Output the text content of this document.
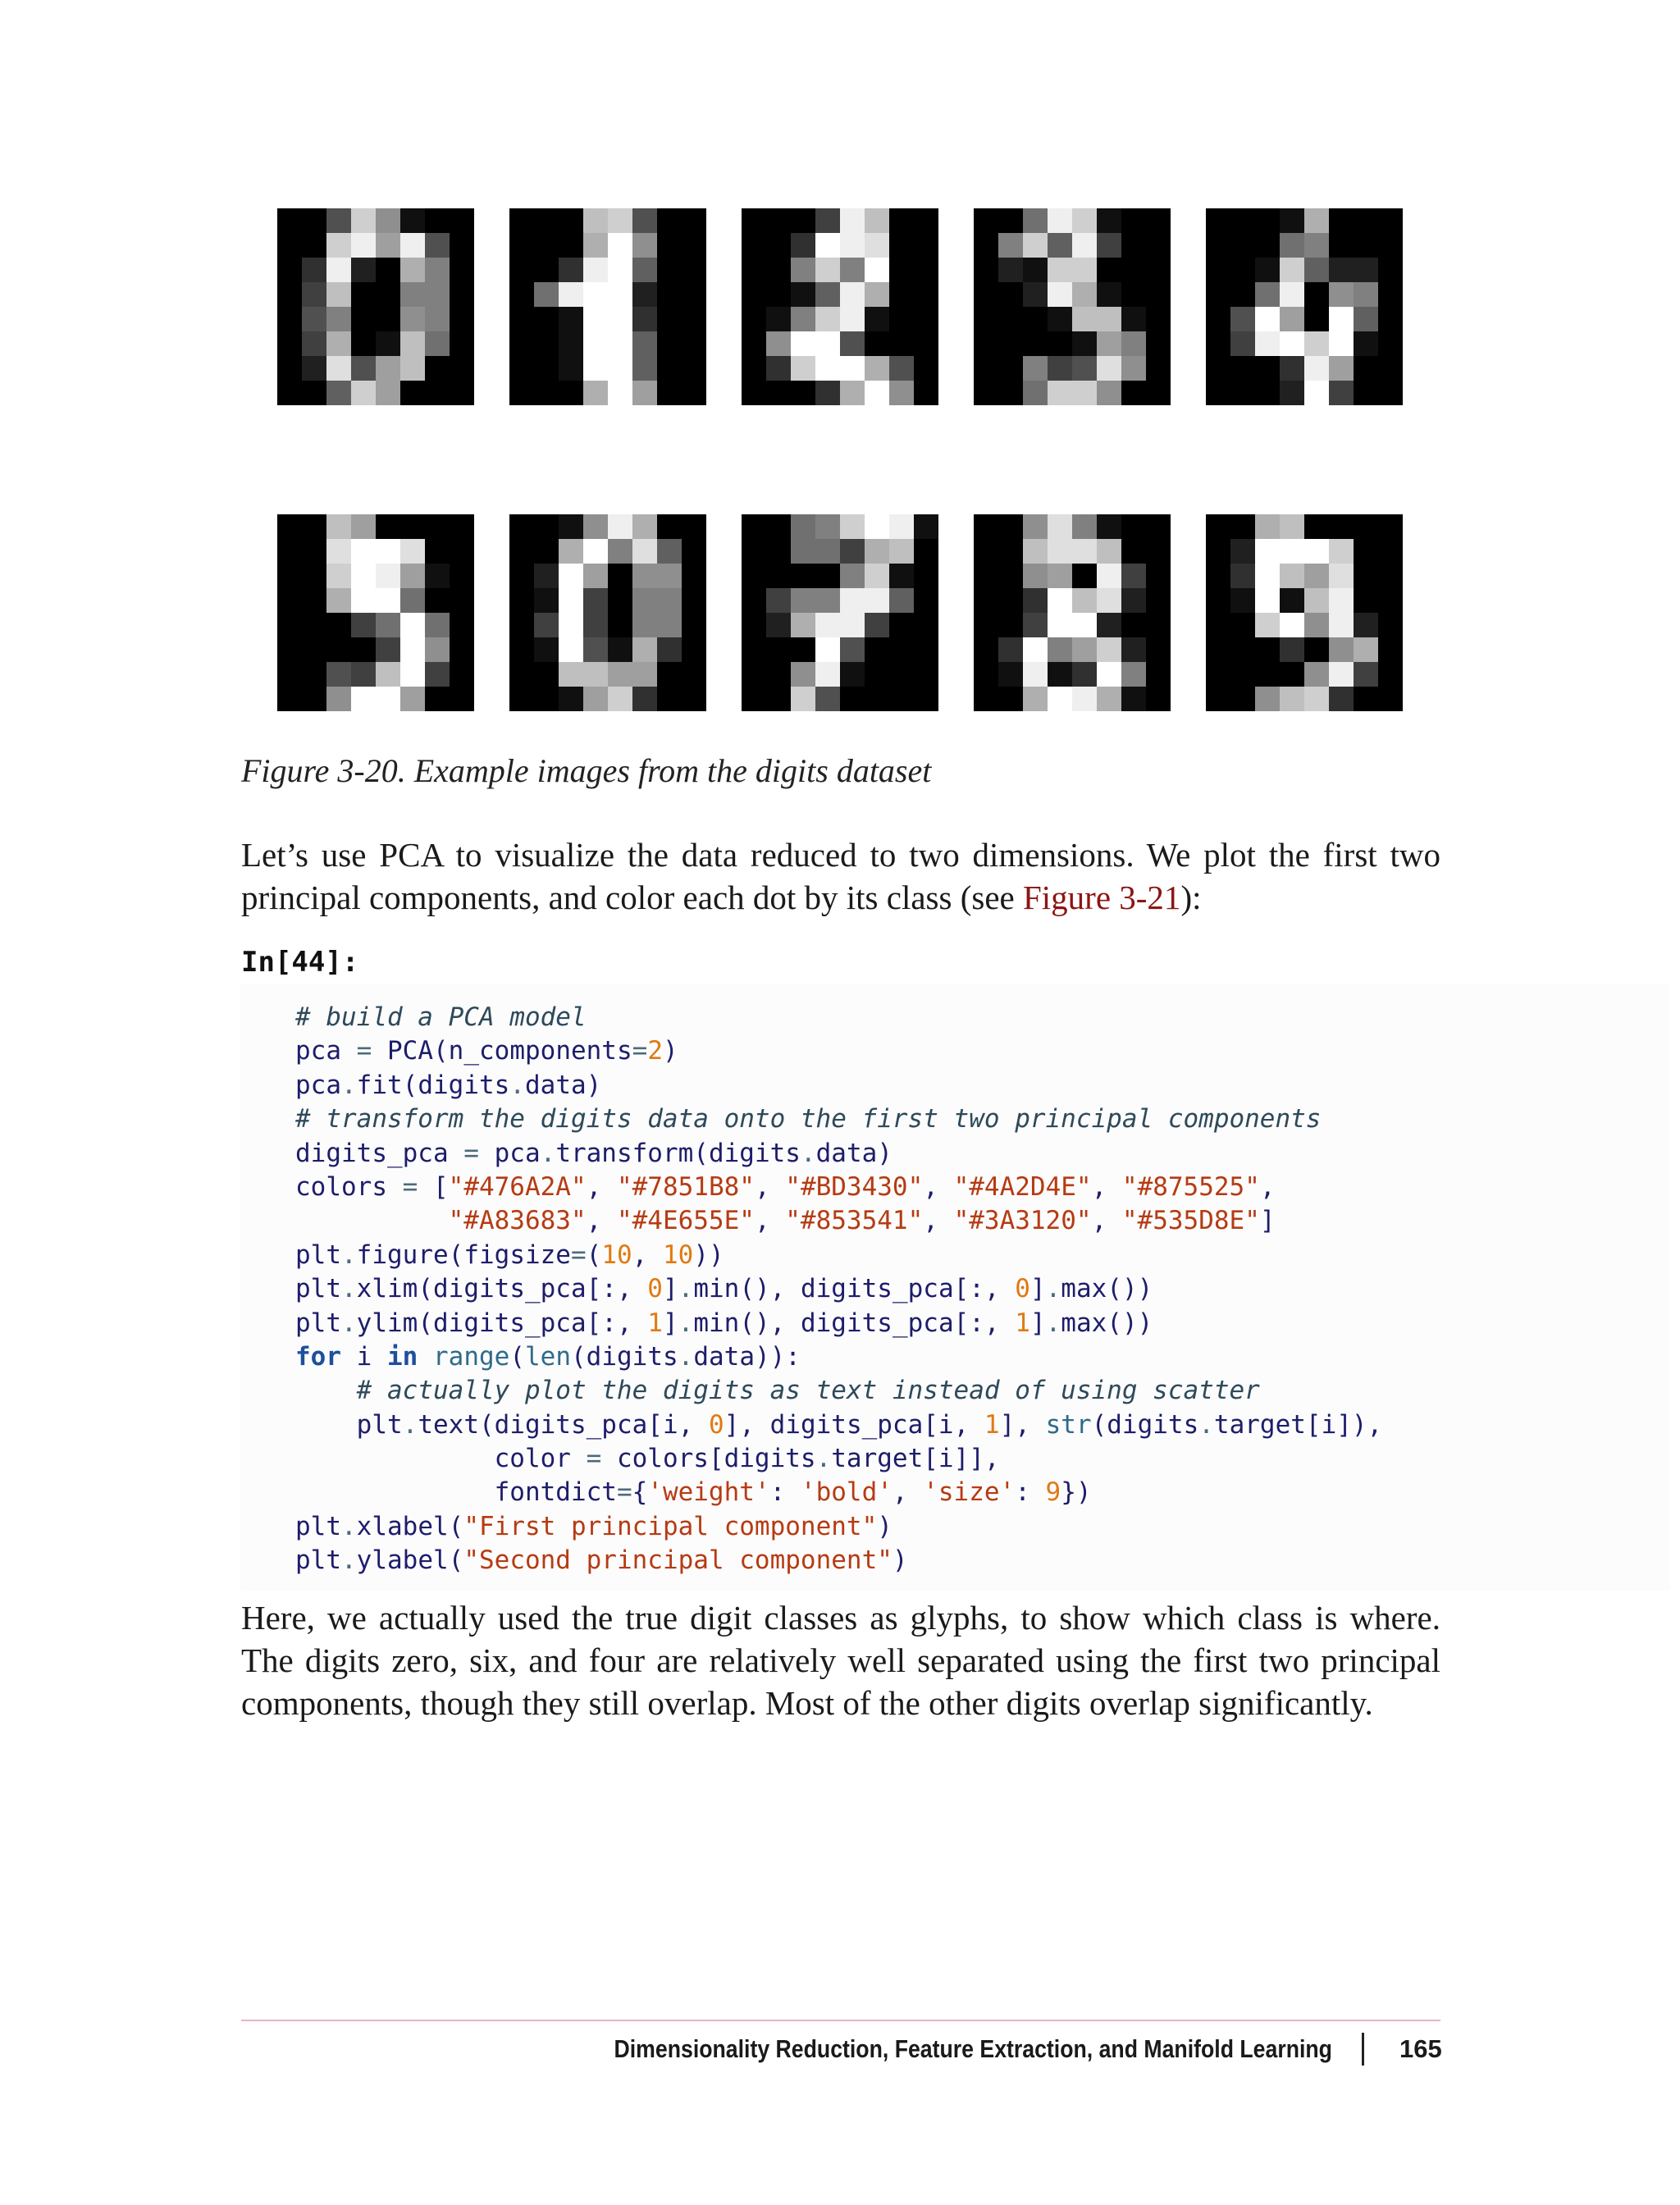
Figure 3-20. Example images from the digits dataset
Let’s use PCA to visualize the data reduced to two dimensions. We plot the first two principal components, and color each dot by its class (see Figure 3-21):
In[44]:
# build a PCA model
pca = PCA(n_components=2)
pca.fit(digits.data)
# transform the digits data onto the first two principal components
digits_pca = pca.transform(digits.data)
colors = ["#476A2A", "#7851B8", "#BD3430", "#4A2D4E", "#875525",
"#A83683", "#4E655E", "#853541", "#3A3120", "#535D8E"]
plt.figure(figsize=(10, 10))
plt.xlim(digits_pca[:, 0].min(), digits_pca[:, 0].max())
plt.ylim(digits_pca[:, 1].min(), digits_pca[:, 1].max())
for i in range(len(digits.data)):
# actually plot the digits as text instead of using scatter
plt.text(digits_pca[i, 0], digits_pca[i, 1], str(digits.target[i]),
color = colors[digits.target[i]],
fontdict={'weight': 'bold', 'size': 9})
plt.xlabel("First principal component")
plt.ylabel("Second principal component")
Here, we actually used the true digit classes as glyphs, to show which class is where. The digits zero, six, and four are relatively well separated using the first two principal components, though they still overlap. Most of the other digits overlap significantly.
Dimensionality Reduction, Feature Extraction, and Manifold Learning	165
